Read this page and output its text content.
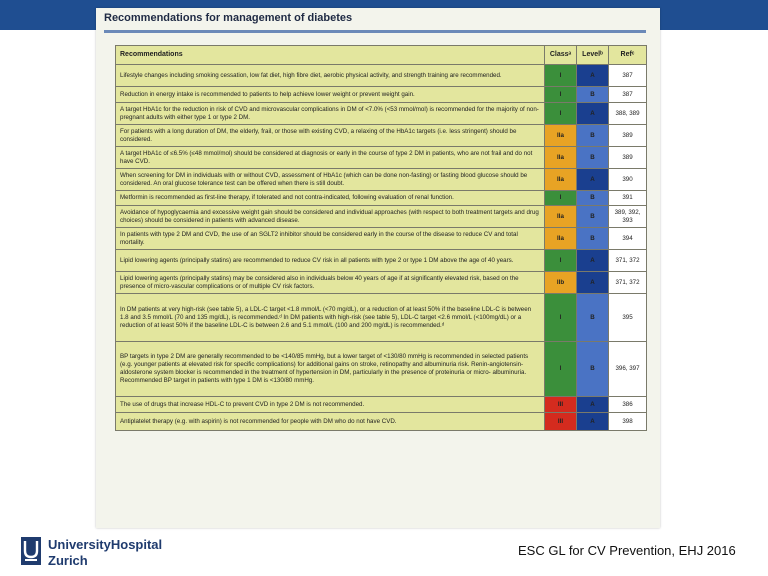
Recommendations for management of diabetes
Recommendations	Classᵃ	Levelᵇ	Refᶜ
Lifestyle changes including smoking cessation, low fat diet, high fibre diet, aerobic physical activity, and strength training are recommended.	I	A	387
Reduction in energy intake is recommended to patients to help achieve lower weight or prevent weight gain.	I	B	387
A target HbA1c for the reduction in risk of CVD and microvascular complications in DM of <7.0% (<53 mmol/mol) is recommended for the majority of non-pregnant adults with either type 1 or type 2 DM.	I	A	388, 389
For patients with a long duration of DM, the elderly, frail, or those with existing CVD, a relaxing of the HbA1c targets (i.e. less stringent) should be considered.	IIa	B	389
A target HbA1c of ≤6.5% (≤48 mmol/mol) should be considered at diagnosis or early in the course of type 2 DM in patients, who are not frail and do not have CVD.	IIa	B	389
When screening for DM in individuals with or without CVD, assessment of HbA1c (which can be done non-fasting) or fasting blood glucose should be considered. An oral glucose tolerance test can be offered when there is still doubt.	IIa	A	390
Metformin is recommended as first-line therapy, if tolerated and not contra-indicated, following evaluation of renal function.	I	B	391
Avoidance of hypoglycaemia and excessive weight gain should be considered and individual approaches (with respect to both treatment targets and drug choices) should be considered in patients with advanced disease.	IIa	B	389, 392, 393
In patients with type 2 DM and CVD, the use of an SGLT2 inhibitor should be considered early in the course of the disease to reduce CV and total mortality.	IIa	B	394
Lipid lowering agents (principally statins) are recommended to reduce CV risk in all patients with type 2 or type 1 DM above the age of 40 years.	I	A	371, 372
Lipid lowering agents (principally statins) may be considered also in individuals below 40 years of age if at significantly elevated risk, based on the presence of micro-vascular complications or of multiple CV risk factors.	IIb	A	371, 372
In DM patients at very high-risk (see table 5), a LDL-C target <1.8 mmol/L (<70 mg/dL), or a reduction of at least 50% if the baseline LDL-C is between 1.8 and 3.5 mmol/L (70 and 135 mg/dL), is recommended.ᵈ In DM patients with high-risk (see table 5), LDL-C target <2.6 mmol/L (<100mg/dL) or a reduction of at least 50% if the baseline LDL-C is between 2.6 and 5.1 mmol/L (100 and 200 mg/dL) is recommended.ᵈ	I	B	395
BP targets in type 2 DM are generally recommended to be <140/85 mmHg, but a lower target of <130/80 mmHg is recommended in selected patients (e.g. younger patients at elevated risk for specific complications) for additional gains on stroke, retinopathy and albuminuria risk. Renin-angiotensin-aldosterone system blocker is recommended in the treatment of hypertension in DM, particularly in the presence of proteinuria or micro- albuminuria. Recommended BP target in patients with type 1 DM is <130/80 mmHg.	I	B	396, 397
The use of drugs that increase HDL-C to prevent CVD in type 2 DM is not recommended.	III	A	386
Antiplatelet therapy (e.g. with aspirin) is not recommended for people with DM who do not have CVD.	III	A	398
UniversityHospital
Zurich
ESC GL for CV Prevention, EHJ 2016
